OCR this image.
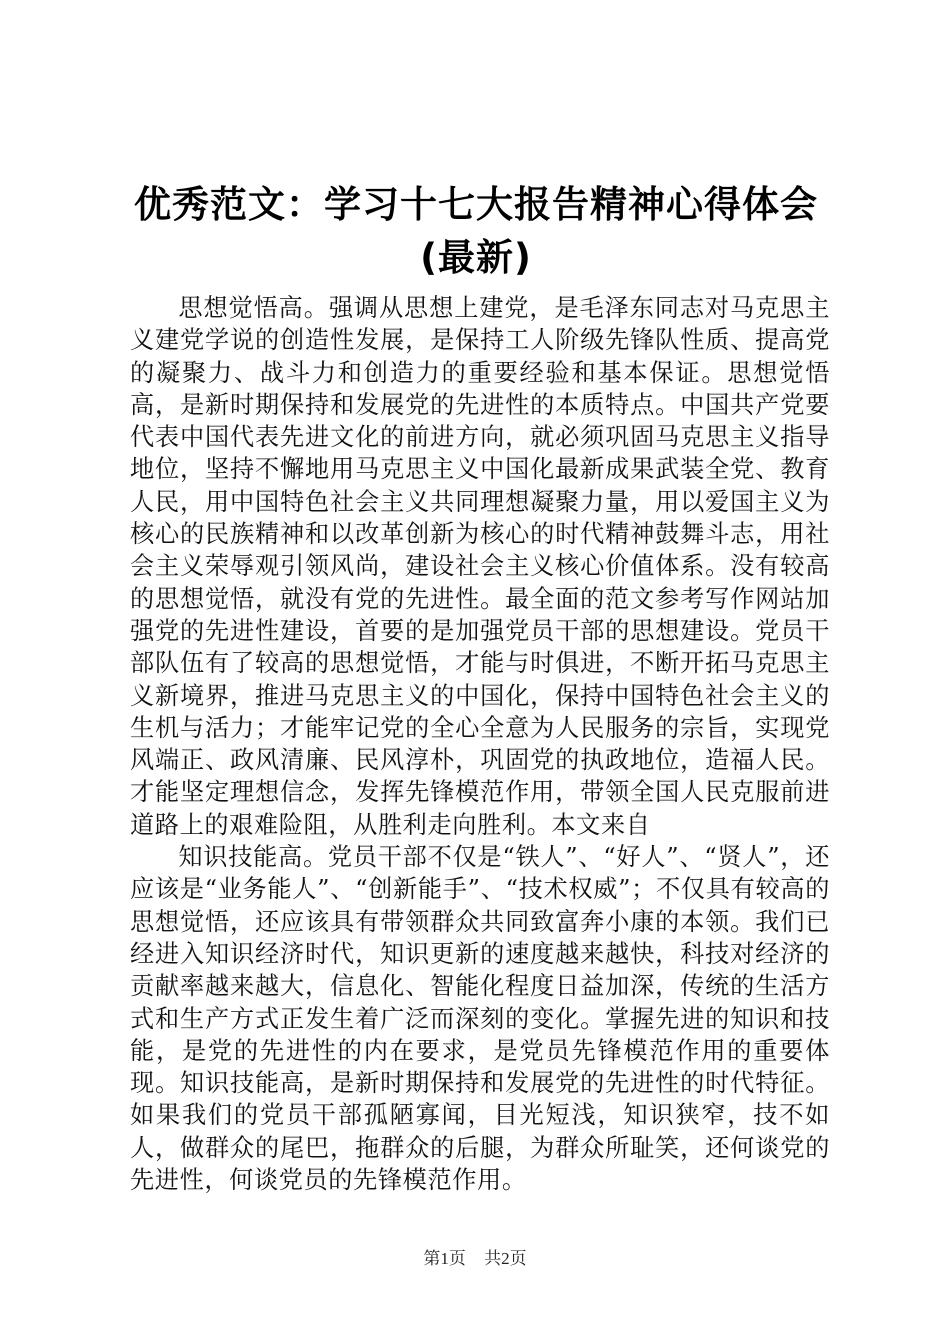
优秀范文：学习十七大报告精神心得体会(最新)

思想觉悟高。强调从思想上建党，是毛泽东同志对马克思主义建党学说的创造性发展，是保持工人阶级先锋队性质、提高党的凝聚力、战斗力和创造力的重要经验和基本保证。思想觉悟高，是新时期保持和发展党的先进性的本质特点。中国共产党要代表中国代表先进文化的前进方向，就必须巩固马克思主义指导地位，坚持不懈地用马克思主义中国化最新成果武装全党、教育人民，用中国特色社会主义共同理想凝聚力量，用以爱国主义为核心的民族精神和以改革创新为核心的时代精神鼓舞斗志，用社会主义荣辱观引领风尚，建设社会主义核心价值体系。没有较高的思想觉悟，就没有党的先进性。最全面的范文参考写作网站加强党的先进性建设，首要的是加强党员干部的思想建设。党员干部队伍有了较高的思想觉悟，才能与时俱进，不断开拓马克思主义新境界，推进马克思主义的中国化，保持中国特色社会主义的生机与活力；才能牢记党的全心全意为人民服务的宗旨，实现党风端正、政风清廉、民风淳朴，巩固党的执政地位，造福人民。才能坚定理想信念，发挥先锋模范作用，带领全国人民克服前进道路上的艰难险阻，从胜利走向胜利。本文来自

知识技能高。党员干部不仅是“铁人”、“好人”、“贤人”，还应该是“业务能人”、“创新能手”、“技术权威”；不仅具有较高的思想觉悟，还应该具有带领群众共同致富奔小康的本领。我们已经进入知识经济时代，知识更新的速度越来越快，科技对经济的贡献率越来越大，信息化、智能化程度日益加深，传统的生活方式和生产方式正发生着广泛而深刻的变化。掌握先进的知识和技能，是党的先进性的内在要求，是党员先锋模范作用的重要体现。知识技能高，是新时期保持和发展党的先进性的时代特征。如果我们的党员干部孤陋寡闻，目光短浅，知识狭窄，技不如人，做群众的尾巴，拖群众的后腿，为群众所耻笑，还何谈党的先进性，何谈党员的先锋模范作用。

第1页 共2页
